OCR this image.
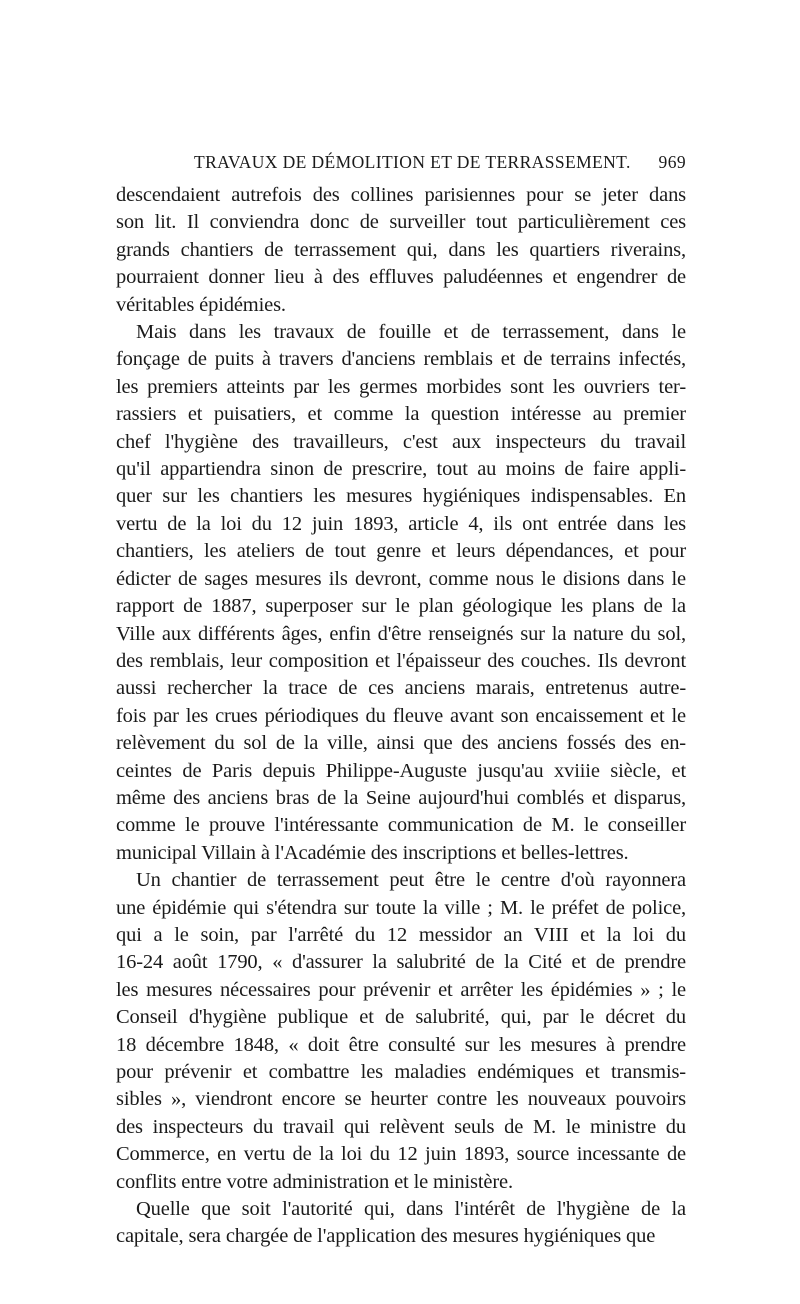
TRAVAUX DE DÉMOLITION ET DE TERRASSEMENT. 969
descendaient autrefois des collines parisiennes pour se jeter dans
son lit. Il conviendra donc de surveiller tout particulièrement ces
grands chantiers de terrassement qui, dans les quartiers riverains,
pourraient donner lieu à des effluves paludéennes et engendrer de
véritables épidémies.
Mais dans les travaux de fouille et de terrassement, dans le
fonçage de puits à travers d'anciens remblais et de terrains infectés,
les premiers atteints par les germes morbides sont les ouvriers ter-
rassiers et puisatiers, et comme la question intéresse au premier
chef l'hygiène des travailleurs, c'est aux inspecteurs du travail
qu'il appartiendra sinon de prescrire, tout au moins de faire appli-
quer sur les chantiers les mesures hygiéniques indispensables. En
vertu de la loi du 12 juin 1893, article 4, ils ont entrée dans les
chantiers, les ateliers de tout genre et leurs dépendances, et pour
édicter de sages mesures ils devront, comme nous le disions dans le
rapport de 1887, superposer sur le plan géologique les plans de la
Ville aux différents âges, enfin d'être renseignés sur la nature du sol,
des remblais, leur composition et l'épaisseur des couches. Ils devront
aussi rechercher la trace de ces anciens marais, entretenus autre-
fois par les crues périodiques du fleuve avant son encaissement et le
relèvement du sol de la ville, ainsi que des anciens fossés des en-
ceintes de Paris depuis Philippe-Auguste jusqu'au xviiie siècle, et
même des anciens bras de la Seine aujourd'hui comblés et disparus,
comme le prouve l'intéressante communication de M. le conseiller
municipal Villain à l'Académie des inscriptions et belles-lettres.
Un chantier de terrassement peut être le centre d'où rayonnera
une épidémie qui s'étendra sur toute la ville ; M. le préfet de police,
qui a le soin, par l'arrêté du 12 messidor an VIII et la loi du
16-24 août 1790, « d'assurer la salubrité de la Cité et de prendre
les mesures nécessaires pour prévenir et arrêter les épidémies » ; le
Conseil d'hygiène publique et de salubrité, qui, par le décret du
18 décembre 1848, « doit être consulté sur les mesures à prendre
pour prévenir et combattre les maladies endémiques et transmis-
sibles », viendront encore se heurter contre les nouveaux pouvoirs
des inspecteurs du travail qui relèvent seuls de M. le ministre du
Commerce, en vertu de la loi du 12 juin 1893, source incessante de
conflits entre votre administration et le ministère.
Quelle que soit l'autorité qui, dans l'intérêt de l'hygiène de la
capitale, sera chargée de l'application des mesures hygiéniques que
